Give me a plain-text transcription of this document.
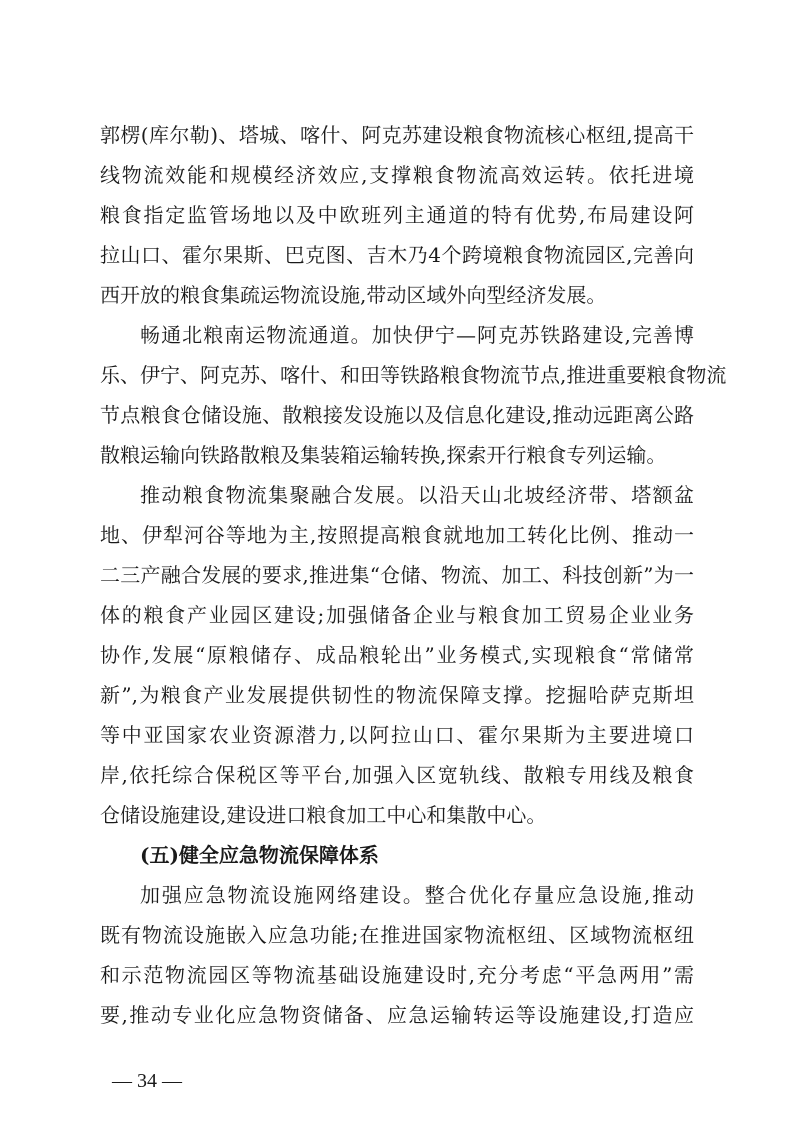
郭楞(库尔勒)、塔城、喀什、阿克苏建设粮食物流核心枢纽,提高干
线物流效能和规模经济效应,支撑粮食物流高效运转。依托进境
粮食指定监管场地以及中欧班列主通道的特有优势,布局建设阿
拉山口、霍尔果斯、巴克图、吉木乃4个跨境粮食物流园区,完善向
西开放的粮食集疏运物流设施,带动区域外向型经济发展。
畅通北粮南运物流通道。加快伊宁—阿克苏铁路建设,完善博
乐、伊宁、阿克苏、喀什、和田等铁路粮食物流节点,推进重要粮食物流
节点粮食仓储设施、散粮接发设施以及信息化建设,推动远距离公路
散粮运输向铁路散粮及集装箱运输转换,探索开行粮食专列运输。
推动粮食物流集聚融合发展。以沿天山北坡经济带、塔额盆
地、伊犁河谷等地为主,按照提高粮食就地加工转化比例、推动一
二三产融合发展的要求,推进集“仓储、物流、加工、科技创新”为一
体的粮食产业园区建设;加强储备企业与粮食加工贸易企业业务
协作,发展“原粮储存、成品粮轮出”业务模式,实现粮食“常储常
新”,为粮食产业发展提供韧性的物流保障支撑。挖掘哈萨克斯坦
等中亚国家农业资源潜力,以阿拉山口、霍尔果斯为主要进境口
岸,依托综合保税区等平台,加强入区宽轨线、散粮专用线及粮食
仓储设施建设,建设进口粮食加工中心和集散中心。
(五)健全应急物流保障体系
加强应急物流设施网络建设。整合优化存量应急设施,推动
既有物流设施嵌入应急功能;在推进国家物流枢纽、区域物流枢纽
和示范物流园区等物流基础设施建设时,充分考虑“平急两用”需
要,推动专业化应急物资储备、应急运输转运等设施建设,打造应
— 34 —
